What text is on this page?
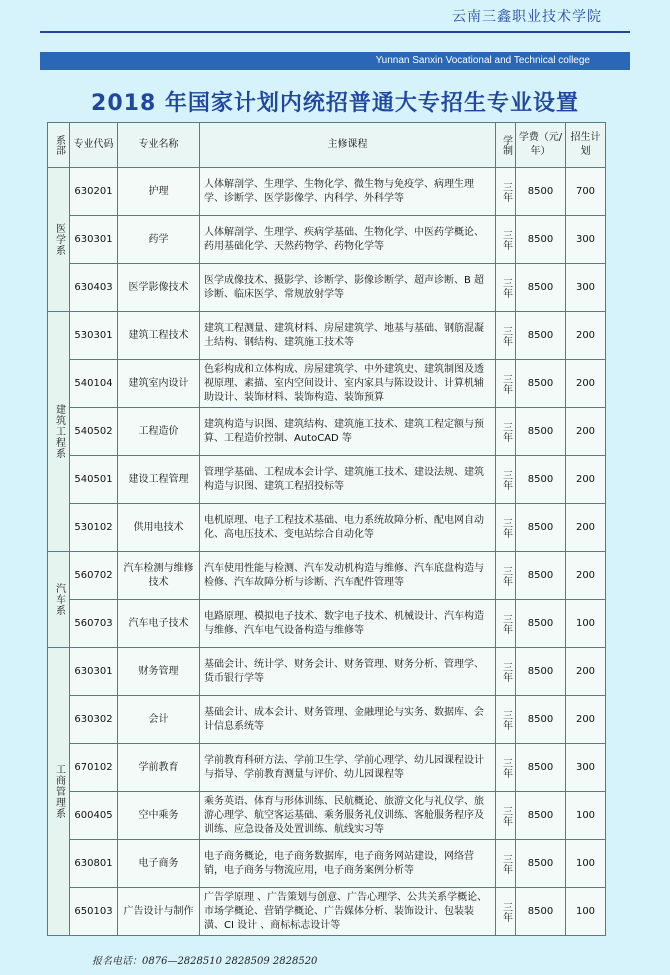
云南三鑫职业技术学院
Yunnan Sanxin Vocational and Technical college
2018 年国家计划内统招普通大专招生专业设置
系部	专业代码	专业名称	主修课程	学制	学费（元/年）	招生计划
医学系	630201	护理	人体解剖学、生理学、生物化学、微生物与免疫学、病理生理学、诊断学、医学影像学、内科学、外科学等	三年	8500	700
	630301	药学	人体解剖学、生理学、疾病学基础、生物化学、中医药学概论、药用基础化学、天然药物学、药物化学等	三年	8500	300
	630403	医学影像技术	医学成像技术、摄影学、诊断学、影像诊断学、超声诊断、B 超诊断、临床医学、常规放射学等	三年	8500	300
建筑工程系	530301	建筑工程技术	建筑工程测量、建筑材料、房屋建筑学、地基与基础、钢筋混凝土结构、钢结构、建筑施工技术等	三年	8500	200
	540104	建筑室内设计	色彩构成和立体构成、房屋建筑学、中外建筑史、建筑制图及透视原理、素描、室内空间设计、室内家具与陈设设计、计算机辅助设计、装饰材料、装饰构造、装饰预算	三年	8500	200
	540502	工程造价	建筑构造与识图、建筑结构、建筑施工技术、建筑工程定额与预算、工程造价控制、AutoCAD 等	三年	8500	200
	540501	建设工程管理	管理学基础、工程成本会计学、建筑施工技术、建设法规、建筑构造与识图、建筑工程招投标等	三年	8500	200
	530102	供用电技术	电机原理、电子工程技术基础、电力系统故障分析、配电网自动化、高电压技术、变电站综合自动化等	三年	8500	200
汽车系	560702	汽车检测与维修技术	汽车使用性能与检测、汽车发动机构造与维修、汽车底盘构造与检修、汽车故障分析与诊断、汽车配件管理等	三年	8500	200
	560703	汽车电子技术	电路原理、模拟电子技术、数字电子技术、机械设计、汽车构造与维修、汽车电气设备构造与维修等	三年	8500	100
工商管理系	630301	财务管理	基础会计、统计学、财务会计、财务管理、财务分析、管理学、货币银行学等	三年	8500	200
	630302	会计	基础会计、成本会计、财务管理、金融理论与实务、数据库、会计信息系统等	三年	8500	200
	670102	学前教育	学前教育科研方法、学前卫生学、学前心理学、幼儿园课程设计与指导、学前教育测量与评价、幼儿园课程等	三年	8500	300
	600405	空中乘务	乘务英语、体育与形体训练、民航概论、旅游文化与礼仪学、旅游心理学、航空客运基础、乘务服务礼仪训练、客舱服务程序及训练、应急设备及处置训练、航线实习等	三年	8500	100
	630801	电子商务	电子商务概论，电子商务数据库，电子商务网站建设，网络营销，电子商务与物流应用，电子商务案例分析等	三年	8500	100
	650103	广告设计与制作	广告学原理 、广告策划与创意、广告心理学、公共关系学概论、市场学概论、营销学概论、广告媒体分析、装饰设计、包装装潢、CI 设计 、商标标志设计等	三年	8500	100
报名电话：0876—2828510 2828509 2828520
